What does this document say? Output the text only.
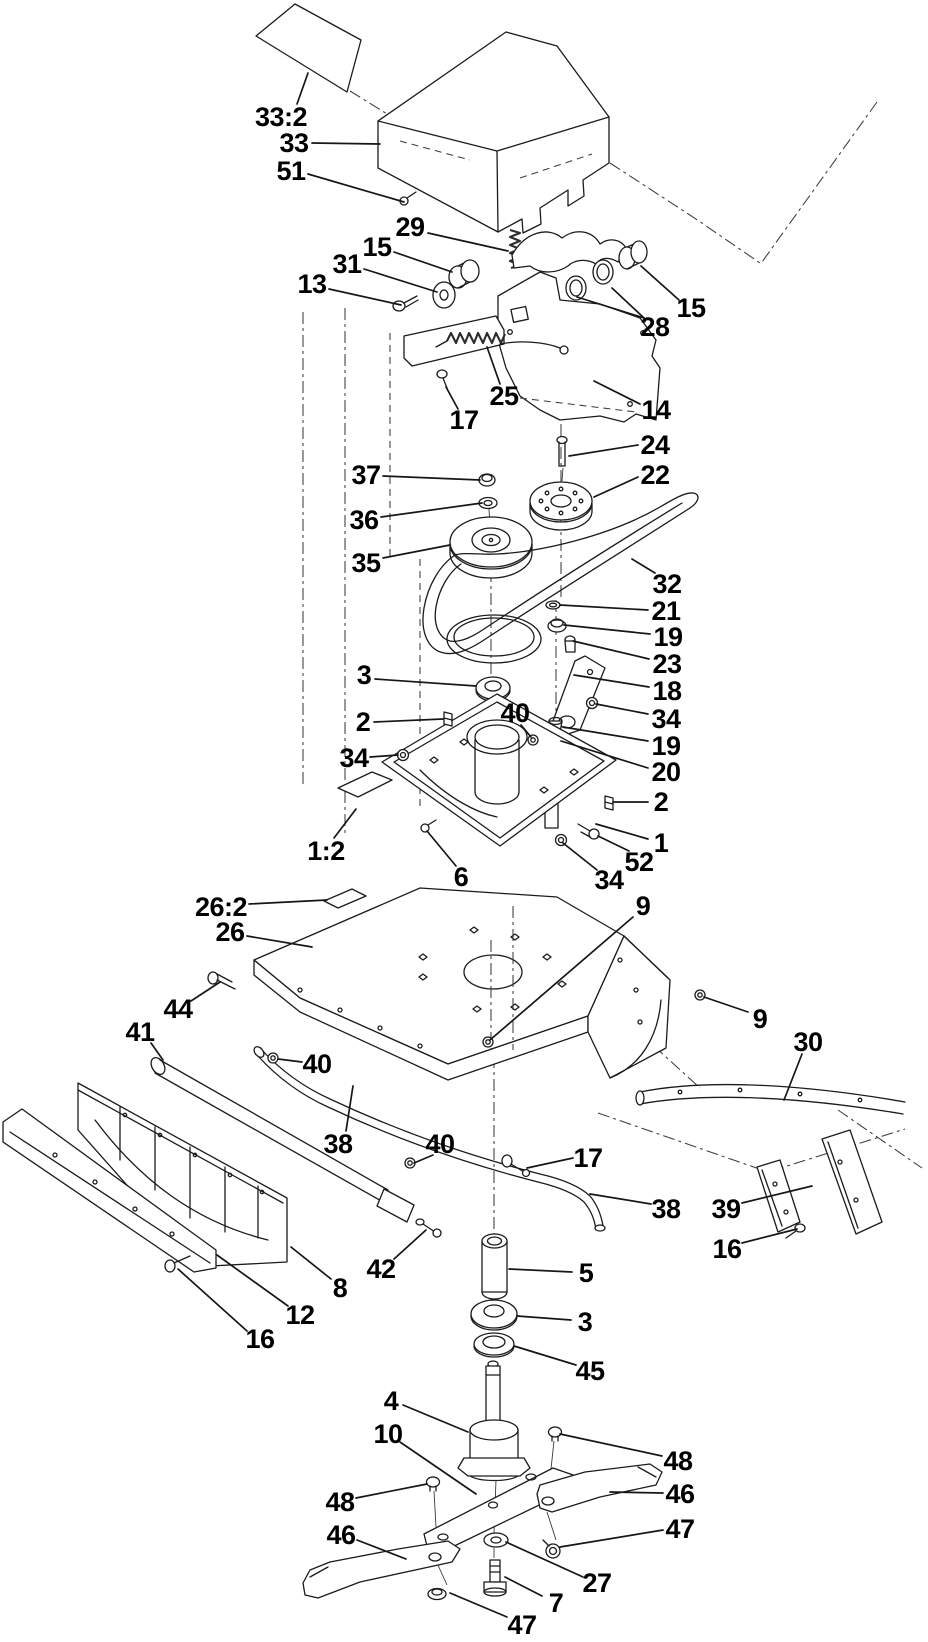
33:2
33
51
29
15
31
13
15
28
25
17	14
24
22
37
36
35
32
21
19
23
18
34
19
20
3
2
34
40
2
1
1:2
6	34
52
9
26:2
26
44
41
40
38	40	17
9
30
38 39
16
8
42
12
16
5
3
45
4
10
48
48	46
46	47
27
7
47
